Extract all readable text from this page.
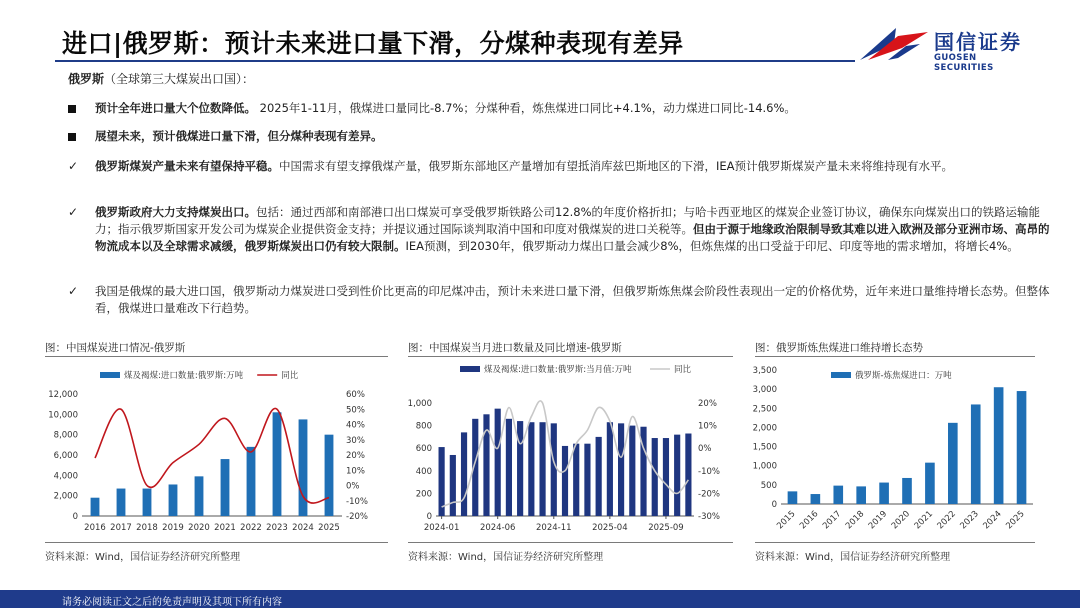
进口|俄罗斯：预计未来进口量下滑，分煤种表现有差异	国信证券
GUOSEN SECURITIES
俄罗斯（全球第三大煤炭出口国）：
预计全年进口量大个位数降低。 2025年1-11月，俄煤进口量同比-8.7%；分煤种看，炼焦煤进口同比+4.1%，动力煤进口同比-14.6%。
展望未来，预计俄煤进口量下滑，但分煤种表现有差异。
✓	俄罗斯煤炭产量未来有望保持平稳。中国需求有望支撑俄煤产量，俄罗斯东部地区产量增加有望抵消库兹巴斯地区的下滑，IEA预计俄罗斯煤炭产量未来将维持现有水平。
✓	俄罗斯政府大力支持煤炭出口。包括：通过西部和南部港口出口煤炭可享受俄罗斯铁路公司12.8%的年度价格折扣；与哈卡西亚地区的煤炭企业签订协议，确保东向煤炭出口的铁路运输能力；指示俄罗斯国家开发公司为煤炭企业提供资金支持；并提议通过国际谈判取消中国和印度对俄煤炭的进口关税等。但由于源于地缘政治限制导致其难以进入欧洲及部分亚洲市场、高昂的物流成本以及全球需求减缓，俄罗斯煤炭出口仍有较大限制。IEA预测，到2030年，俄罗斯动力煤出口量会减少8%，但炼焦煤的出口受益于印尼、印度等地的需求增加，将增长4%。
✓	我国是俄煤的最大进口国，俄罗斯动力煤炭进口受到性价比更高的印尼煤冲击，预计未来进口量下滑，但俄罗斯炼焦煤会阶段性表现出一定的价格优势，近年来进口量维持增长态势。但整体看，俄煤进口量难改下行趋势。
图：中国煤炭进口情况-俄罗斯
资料来源：Wind，国信证券经济研究所整理
图：中国煤炭当月进口数量及同比增速-俄罗斯
资料来源：Wind，国信证券经济研究所整理
图：俄罗斯炼焦煤进口维持增长态势
资料来源：Wind，国信证券经济研究所整理
0
2,000
4,000
6,000
8,000
10,000
12,000
-20%
-10%
0%
10%
20%
30%
40%
50%
60%
2016 2017 2018 2019 2020 2021 2022 2023 2024 2025
煤及褐煤:进口数量:俄罗斯:万吨	同比
0
200
400
600
800
1,000
-30%
-20%
-10%
0%
10%
20%
2024-01 2024-06 2024-11 2025-04 2025-09
煤及褐煤:进口数量:俄罗斯:当月值:万吨	同比
0
500
1,000
1,500
2,000
2,500
3,000
3,500
2015 2016 2017 2018 2019 2020 2021 2022 2023 2024 2025
俄罗斯-炼焦煤进口：万吨
请务必阅读正文之后的免责声明及其项下所有内容
